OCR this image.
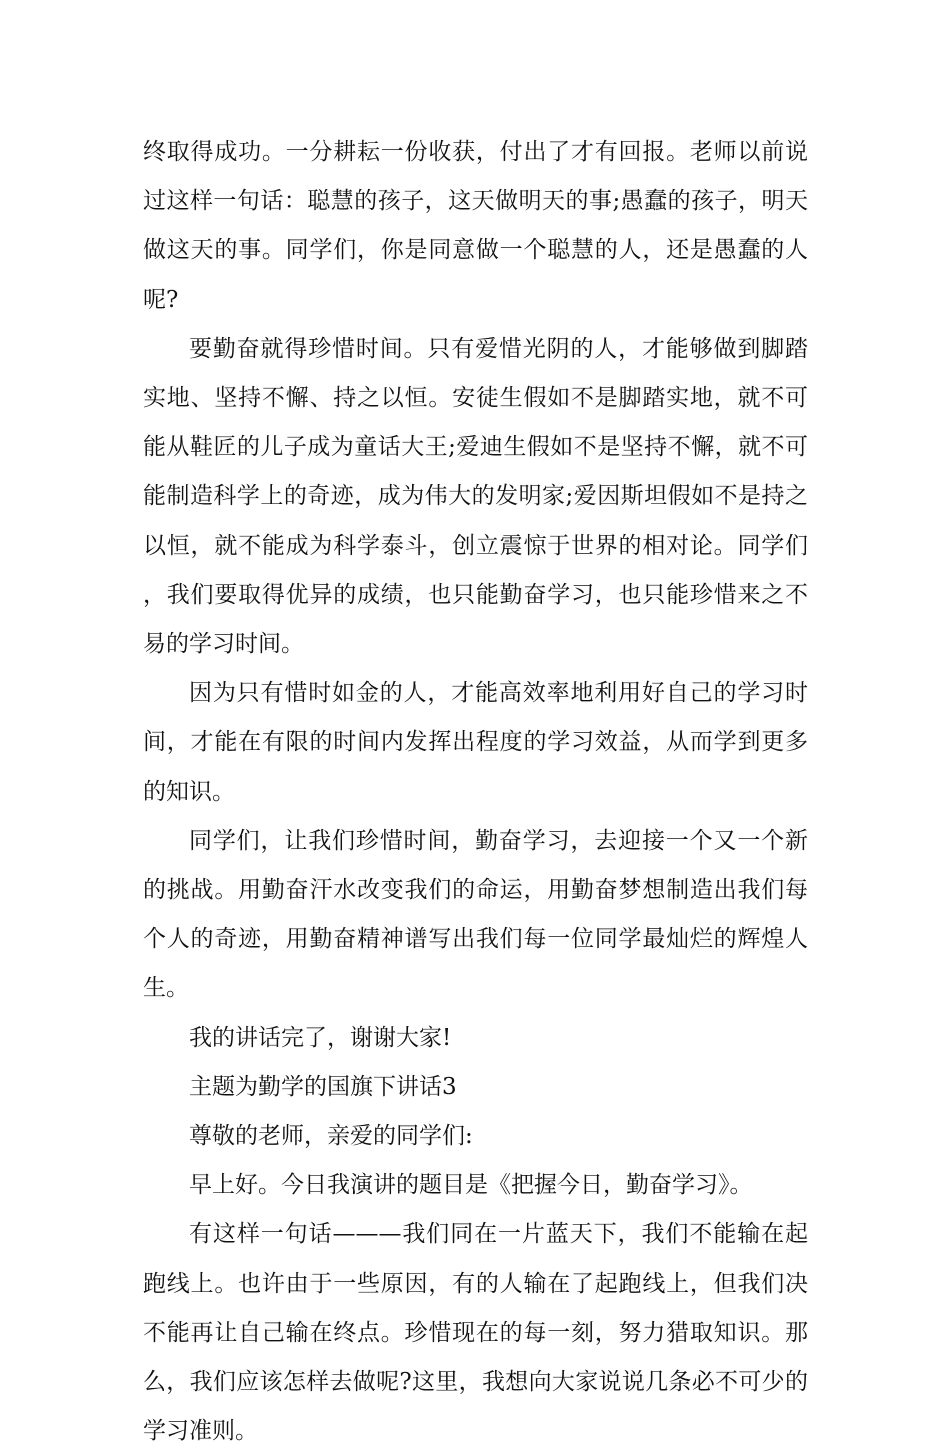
终取得成功。一分耕耘一份收获，付出了才有回报。老师以前说过这样一句话：聪慧的孩子，这天做明天的事;愚蠢的孩子，明天做这天的事。同学们，你是同意做一个聪慧的人，还是愚蠢的人呢?

要勤奋就得珍惜时间。只有爱惜光阴的人，才能够做到脚踏实地、坚持不懈、持之以恒。安徒生假如不是脚踏实地，就不可能从鞋匠的儿子成为童话大王;爱迪生假如不是坚持不懈，就不可能制造科学上的奇迹，成为伟大的发明家;爱因斯坦假如不是持之以恒，就不能成为科学泰斗，创立震惊于世界的相对论。同学们，我们要取得优异的成绩，也只能勤奋学习，也只能珍惜来之不易的学习时间。

因为只有惜时如金的人，才能高效率地利用好自己的学习时间，才能在有限的时间内发挥出程度的学习效益，从而学到更多的知识。

同学们，让我们珍惜时间，勤奋学习，去迎接一个又一个新的挑战。用勤奋汗水改变我们的命运，用勤奋梦想制造出我们每个人的奇迹，用勤奋精神谱写出我们每一位同学最灿烂的辉煌人生。

我的讲话完了，谢谢大家!

主题为勤学的国旗下讲话3

尊敬的老师，亲爱的同学们:

早上好。今日我演讲的题目是《把握今日，勤奋学习》。

有这样一句话———我们同在一片蓝天下，我们不能输在起跑线上。也许由于一些原因，有的人输在了起跑线上，但我们决不能再让自己输在终点。珍惜现在的每一刻，努力猎取知识。那么，我们应该怎样去做呢?这里，我想向大家说说几条必不可少的学习准则。
